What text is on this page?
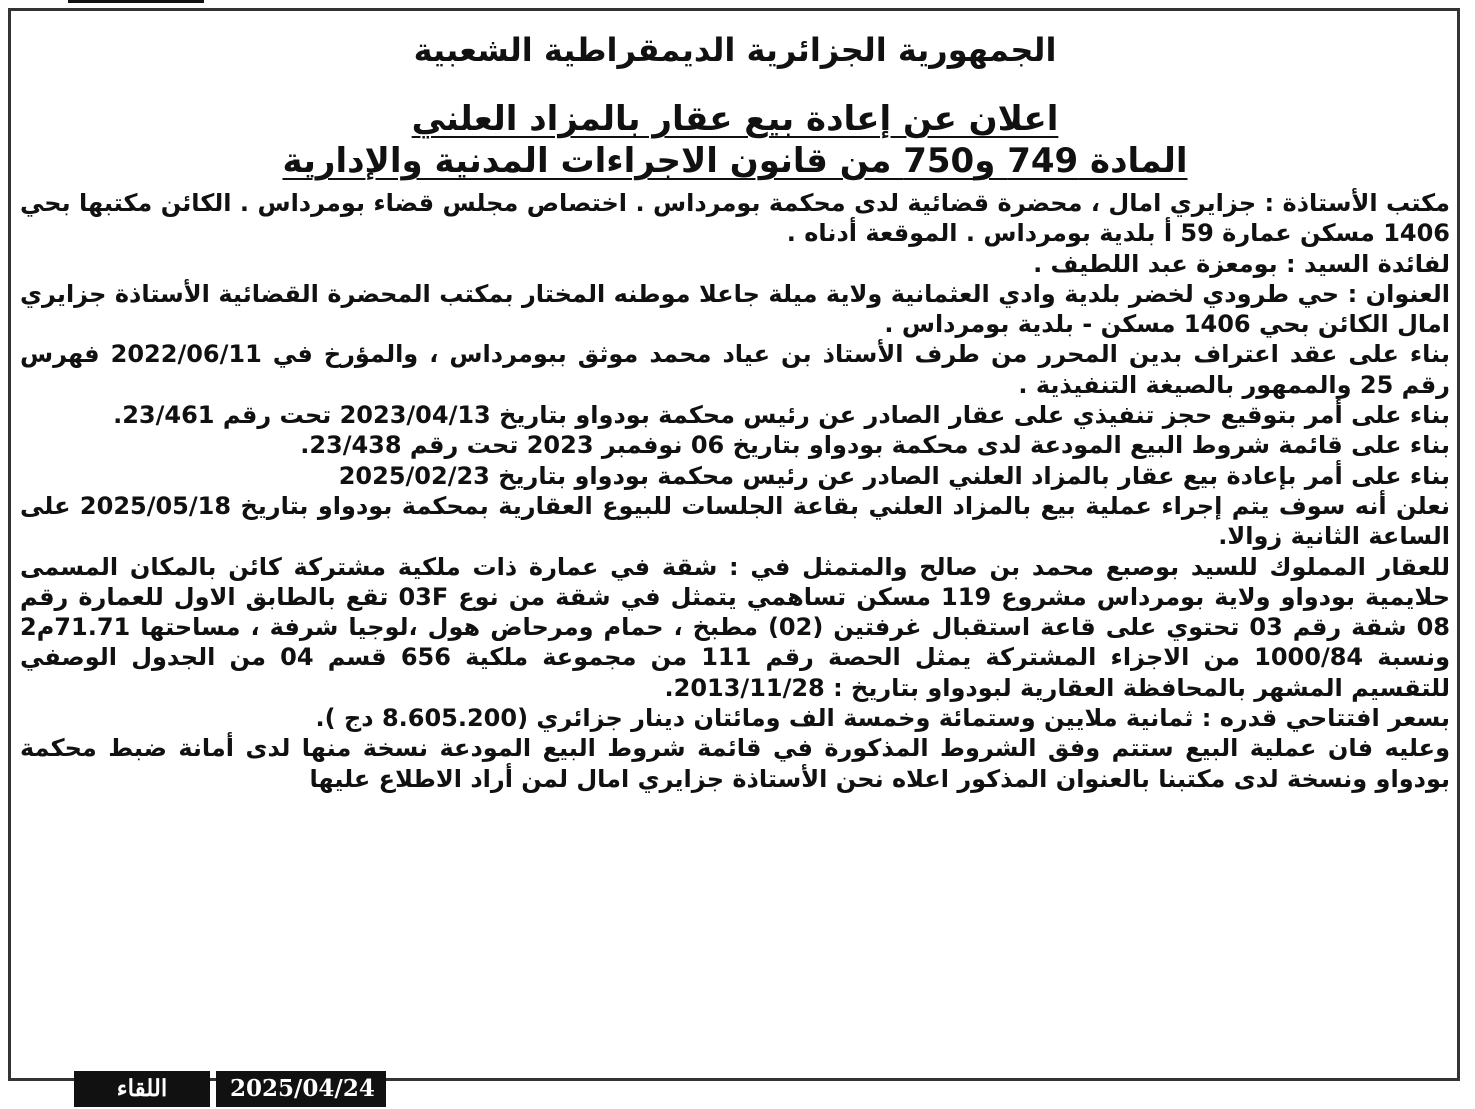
الجمهورية الجزائرية الديمقراطية الشعبية
اعلان عن إعادة بيع عقار بالمزاد العلني
المادة 749 و750 من قانون الاجراءات المدنية والإدارية

مكتب الأستاذة : جزايري امال ، محضرة قضائية لدى محكمة بومرداس . اختصاص مجلس قضاء بومرداس . الكائن مكتبها بحي 1406 مسكن عمارة 59 أ بلدية بومرداس . الموقعة أدناه .

لفائدة السيد : بومعزة عبد اللطيف .

العنوان : حي طرودي لخضر بلدية وادي العثمانية ولاية ميلة جاعلا موطنه المختار بمكتب المحضرة القضائية الأستاذة جزايري امال الكائن بحي 1406 مسكن - بلدية بومرداس .

بناء على عقد اعتراف بدين المحرر من طرف الأستاذ بن عياد محمد موثق ببومرداس ، والمؤرخ في 2022/06/11 فهرس رقم 25 والممهور بالصيغة التنفيذية .

بناء على أمر بتوقيع حجز تنفيذي على عقار الصادر عن رئيس محكمة بودواو بتاريخ 2023/04/13 تحت رقم 23/461.

بناء على قائمة شروط البيع المودعة لدى محكمة بودواو بتاريخ 06 نوفمبر 2023 تحت رقم 23/438.

بناء على أمر بإعادة بيع عقار بالمزاد العلني الصادر عن رئيس محكمة بودواو بتاريخ 2025/02/23

نعلن أنه سوف يتم إجراء عملية بيع بالمزاد العلني بقاعة الجلسات للبيوع العقارية بمحكمة بودواو بتاريخ 2025/05/18 على الساعة الثانية زوالا.

للعقار المملوك للسيد بوصبع محمد بن صالح والمتمثل في : شقة في عمارة ذات ملكية مشتركة كائن بالمكان المسمى حلايمية بودواو ولاية بومرداس مشروع 119 مسكن تساهمي يتمثل في شقة من نوع 03F تقع بالطابق الاول للعمارة رقم 08 شقة رقم 03 تحتوي على قاعة استقبال غرفتين (02) مطبخ ، حمام ومرحاض هول ،لوجيا شرفة ، مساحتها 71.71م2 ونسبة 1000/84 من الاجزاء المشتركة يمثل الحصة رقم 111 من مجموعة ملكية 656 قسم 04 من الجدول الوصفي للتقسيم المشهر بالمحافظة العقارية لبودواو بتاريخ : 2013/11/28.

بسعر افتتاحي قدره : ثمانية ملايين وستمائة وخمسة الف ومائتان دينار جزائري (8.605.200 دج ).

وعليه فان عملية البيع ستتم وفق الشروط المذكورة في قائمة شروط البيع المودعة نسخة منها لدى أمانة ضبط محكمة بودواو ونسخة لدى مكتبنا بالعنوان المذكور اعلاه نحن الأستاذة جزايري امال لمن أراد الاطلاع عليها

اللقاء	2025/04/24
